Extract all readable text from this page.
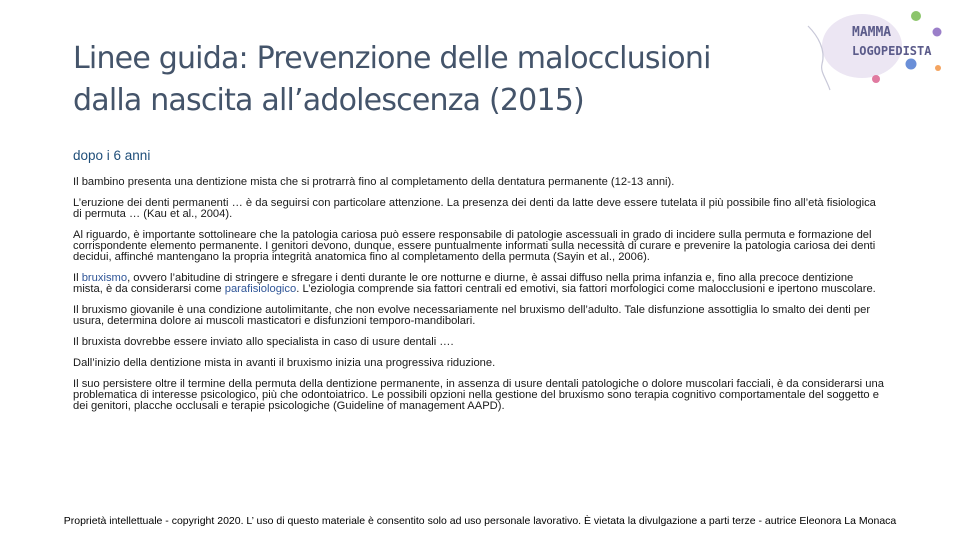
Linee guida: Prevenzione delle malocclusioni
dalla nascita all’adolescenza (2015)
MAMMA
LOGOPEDISTA
dopo i 6 anni

Il bambino presenta una dentizione mista che si protrarrà fino al completamento della dentatura permanente (12-13 anni).

L’eruzione dei denti permanenti … è da seguirsi con particolare attenzione. La presenza dei denti da latte deve essere tutelata il più possibile fino all’età fisiologica di permuta … (Kau et al., 2004).

Al riguardo, è importante sottolineare che la patologia cariosa può essere responsabile di patologie ascessuali in grado di incidere sulla permuta e formazione del corrispondente elemento permanente. I genitori devono, dunque, essere puntualmente informati sulla necessità di curare e prevenire la patologia cariosa dei denti decidui, affinché mantengano la propria integrità anatomica fino al completamento della permuta (Sayin et al., 2006).

Il bruxismo, ovvero l’abitudine di stringere e sfregare i denti durante le ore notturne e diurne, è assai diffuso nella prima infanzia e, fino alla precoce dentizione mista, è da considerarsi come parafisiologico. L’eziologia comprende sia fattori centrali ed emotivi, sia fattori morfologici come malocclusioni e ipertono muscolare.

Il bruxismo giovanile è una condizione autolimitante, che non evolve necessariamente nel bruxismo dell’adulto. Tale disfunzione assottiglia lo smalto dei denti per usura, determina dolore ai muscoli masticatori e disfunzioni temporo-mandibolari.

Il bruxista dovrebbe essere inviato allo specialista in caso di usure dentali ….

Dall’inizio della dentizione mista in avanti il bruxismo inizia una progressiva riduzione.

Il suo persistere oltre il termine della permuta della dentizione permanente, in assenza di usure dentali patologiche o dolore muscolari facciali, è da considerarsi una problematica di interesse psicologico, più che odontoiatrico. Le possibili opzioni nella gestione del bruxismo sono terapia cognitivo comportamentale del soggetto e dei genitori, placche occlusali e terapie psicologiche (Guideline of management AAPD).

Proprietà intellettuale - copyright 2020. L’ uso di questo materiale è consentito solo ad uso personale lavorativo. È vietata la divulgazione a parti terze - autrice Eleonora La Monaca
